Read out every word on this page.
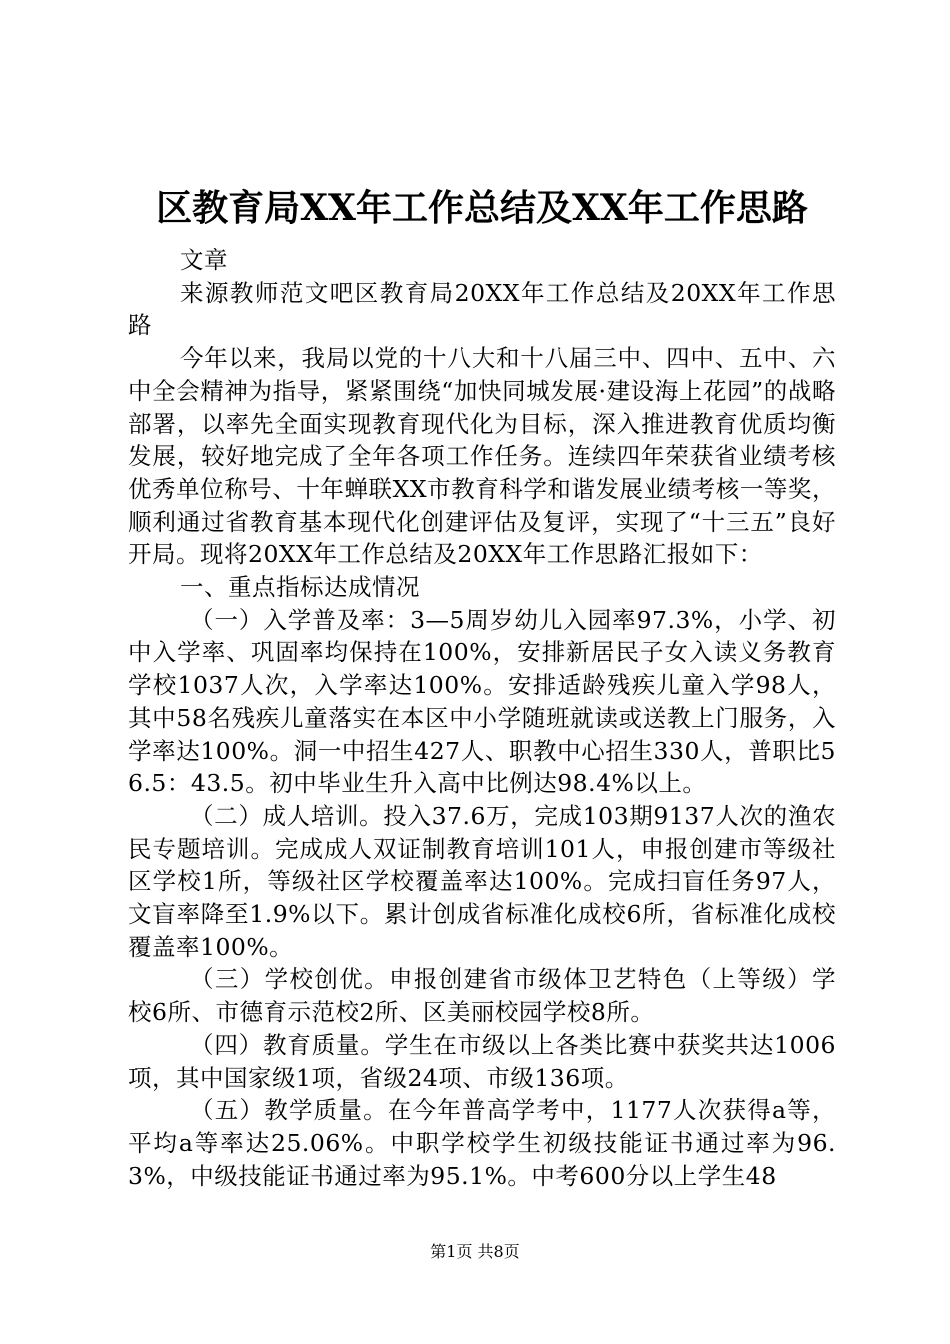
区教育局XX年工作总结及XX年工作思路

文章

来源教师范文吧区教育局20XX年工作总结及20XX年工作思路

今年以来，我局以党的十八大和十八届三中、四中、五中、六中全会精神为指导，紧紧围绕“加快同城发展·建设海上花园”的战略部署，以率先全面实现教育现代化为目标，深入推进教育优质均衡发展，较好地完成了全年各项工作任务。连续四年荣获省业绩考核优秀单位称号、十年蝉联XX市教育科学和谐发展业绩考核一等奖，顺利通过省教育基本现代化创建评估及复评，实现了“十三五”良好开局。现将20XX年工作总结及20XX年工作思路汇报如下：

一、重点指标达成情况

（一）入学普及率：3—5周岁幼儿入园率97.3%，小学、初中入学率、巩固率均保持在100%，安排新居民子女入读义务教育学校1037人次，入学率达100%。安排适龄残疾儿童入学98人，其中58名残疾儿童落实在本区中小学随班就读或送教上门服务，入学率达100%。洞一中招生427人、职教中心招生330人，普职比56.5：43.5。初中毕业生升入高中比例达98.4%以上。

（二）成人培训。投入37.6万，完成103期9137人次的渔农民专题培训。完成成人双证制教育培训101人，申报创建市等级社区学校1所，等级社区学校覆盖率达100%。完成扫盲任务97人，文盲率降至1.9%以下。累计创成省标准化成校6所，省标准化成校覆盖率100%。

（三）学校创优。申报创建省市级体卫艺特色（上等级）学校6所、市德育示范校2所、区美丽校园学校8所。

（四）教育质量。学生在市级以上各类比赛中获奖共达1006项，其中国家级1项，省级24项、市级136项。

（五）教学质量。在今年普高学考中，1177人次获得a等，平均a等率达25.06%。中职学校学生初级技能证书通过率为96.3%，中级技能证书通过率为95.1%。中考600分以上学生48

第1页 共8页
